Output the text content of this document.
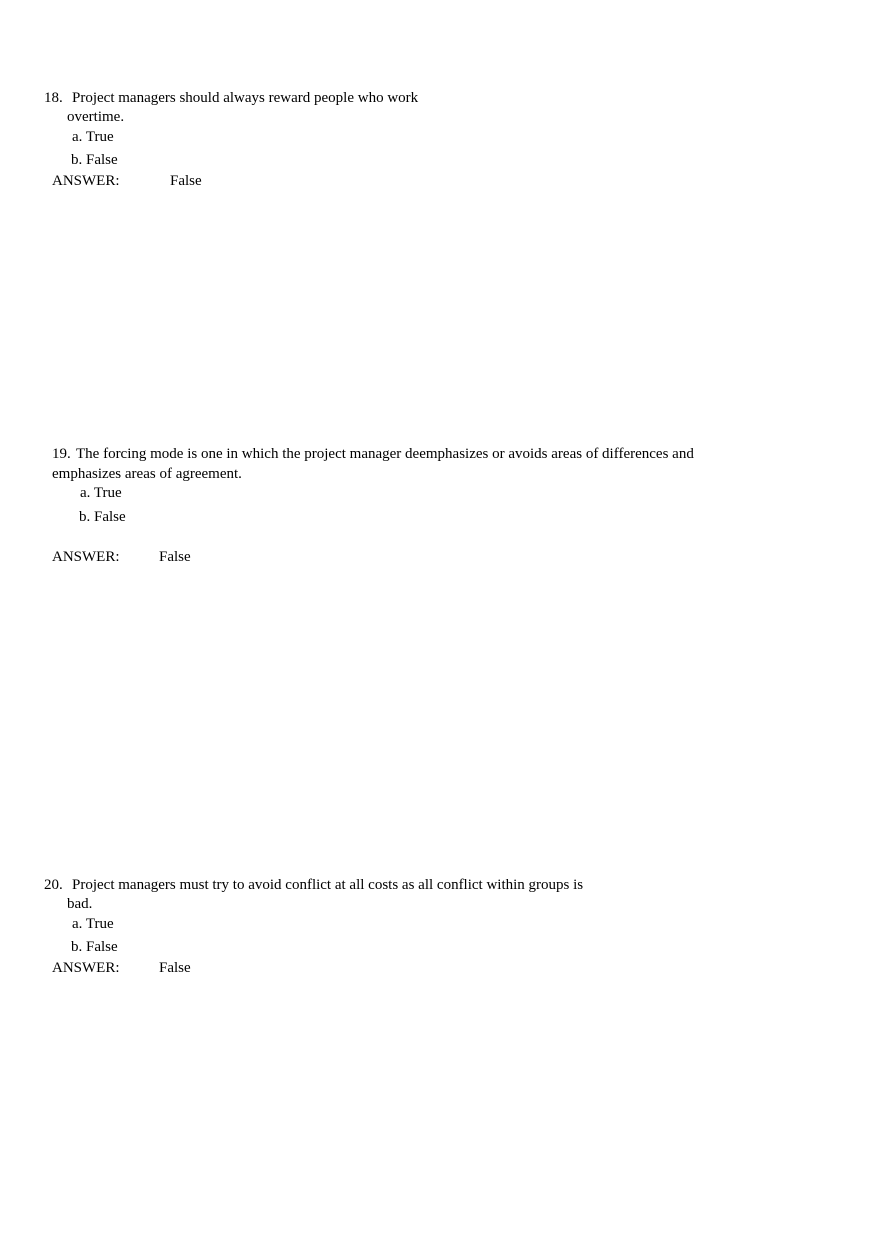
18. Project managers should always reward people who work
overtime.
a. True
b. False
ANSWER:	False
19. The forcing mode is one in which the project manager deemphasizes or avoids areas of differences and
emphasizes areas of agreement.
a. True
b. False
ANSWER:	False
20. Project managers must try to avoid conflict at all costs as all conflict within groups is
bad.
a. True
b. False
ANSWER:	False
